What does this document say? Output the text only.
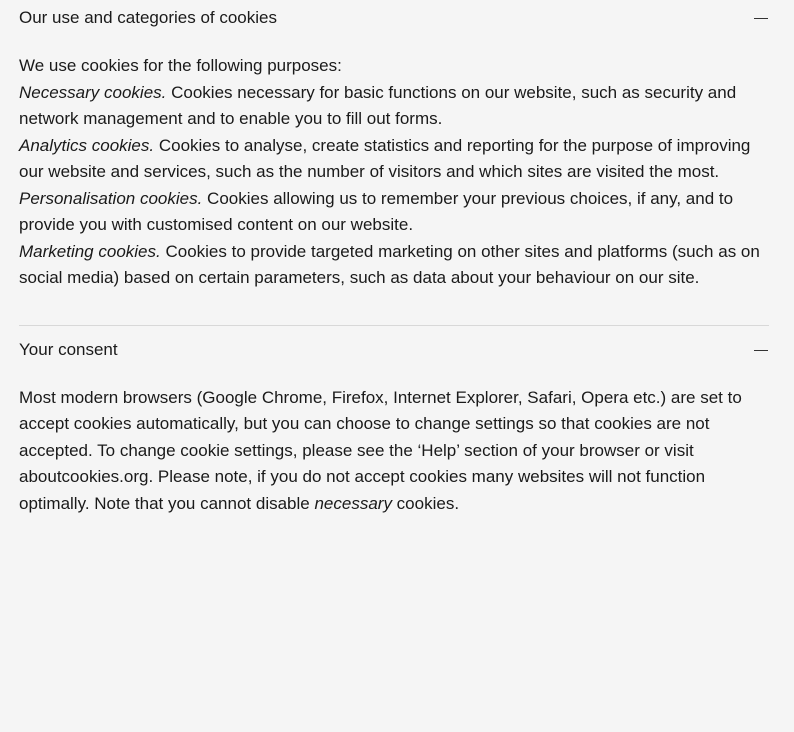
Our use and categories of cookies

We use cookies for the following purposes:

Necessary cookies. Cookies necessary for basic functions on our website, such as security and network management and to enable you to fill out forms.

Analytics cookies. Cookies to analyse, create statistics and reporting for the purpose of improving our website and services, such as the number of visitors and which sites are visited the most.

Personalisation cookies. Cookies allowing us to remember your previous choices, if any, and to provide you with customised content on our website.

Marketing cookies. Cookies to provide targeted marketing on other sites and platforms (such as on social media) based on certain parameters, such as data about your behaviour on our site.

Your consent

Most modern browsers (Google Chrome, Firefox, Internet Explorer, Safari, Opera etc.) are set to accept cookies automatically, but you can choose to change settings so that cookies are not accepted. To change cookie settings, please see the ‘Help’ section of your browser or visit aboutcookies.org. Please note, if you do not accept cookies many websites will not function optimally. Note that you cannot disable necessary cookies.
